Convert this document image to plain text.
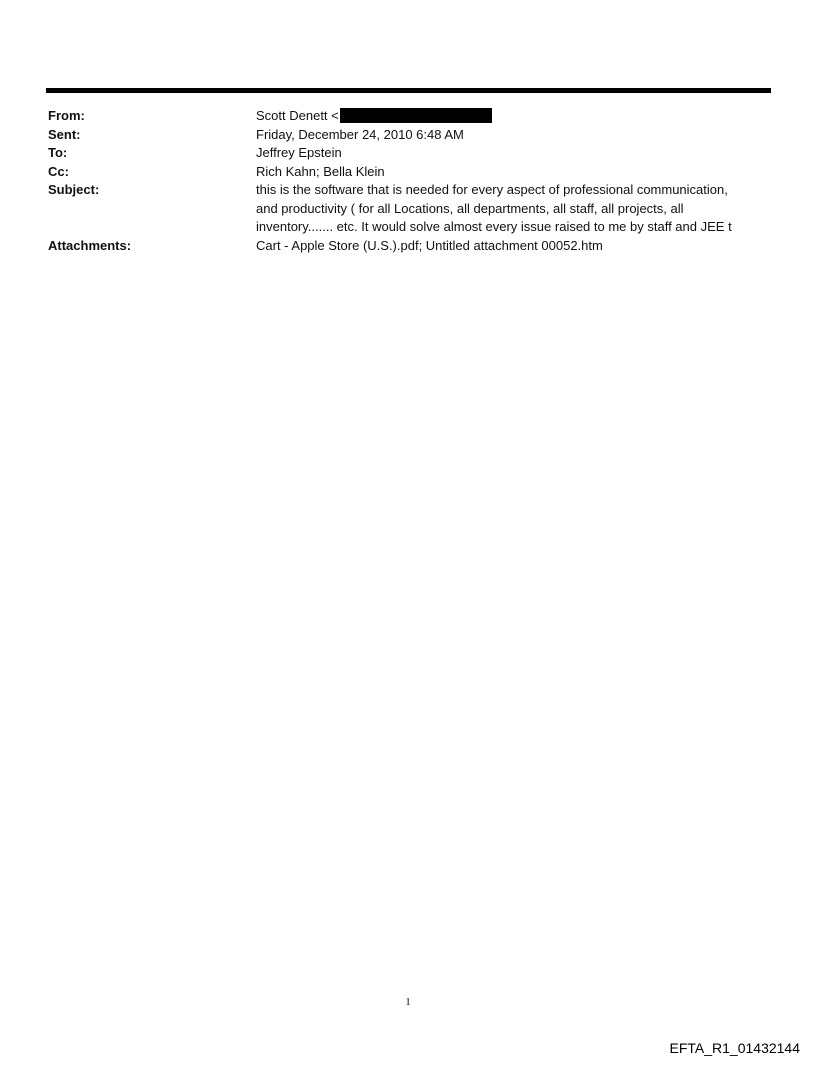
From:	Scott Denett <
Sent:	Friday, December 24, 2010 6:48 AM
To:	Jeffrey Epstein
Cc:	Rich Kahn; Bella Klein
Subject:	this is the software that is needed for every aspect of professional communication,
and productivity ( for all Locations, all departments, all staff, all projects, all
inventory....... etc. It would solve almost every issue raised to me by staff and JEE t
Attachments:	Cart - Apple Store (U.S.).pdf; Untitled attachment 00052.htm
1
EFTA_R1_01432144
